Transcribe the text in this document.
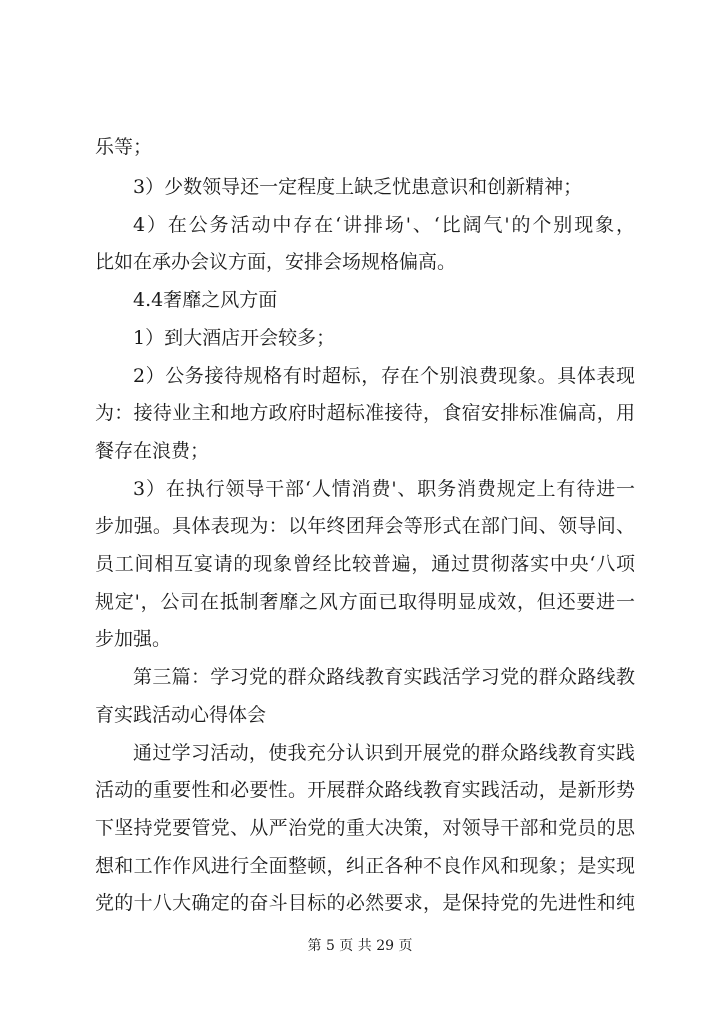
乐等；
3）少数领导还一定程度上缺乏忧患意识和创新精神；
4）在公务活动中存在‘讲排场'、‘比阔气'的个别现象，
比如在承办会议方面，安排会场规格偏高。
4.4奢靡之风方面
1）到大酒店开会较多；
2）公务接待规格有时超标，存在个别浪费现象。具体表现
为：接待业主和地方政府时超标准接待，食宿安排标准偏高，用
餐存在浪费；
3）在执行领导干部‘人情消费'、职务消费规定上有待进一
步加强。具体表现为：以年终团拜会等形式在部门间、领导间、
员工间相互宴请的现象曾经比较普遍，通过贯彻落实中央‘八项
规定'，公司在抵制奢靡之风方面已取得明显成效，但还要进一
步加强。
第三篇：学习党的群众路线教育实践活学习党的群众路线教
育实践活动心得体会
通过学习活动，使我充分认识到开展党的群众路线教育实践
活动的重要性和必要性。开展群众路线教育实践活动，是新形势
下坚持党要管党、从严治党的重大决策，对领导干部和党员的思
想和工作作风进行全面整顿，纠正各种不良作风和现象；是实现
党的十八大确定的奋斗目标的必然要求，是保持党的先进性和纯
第 5 页 共 29 页
